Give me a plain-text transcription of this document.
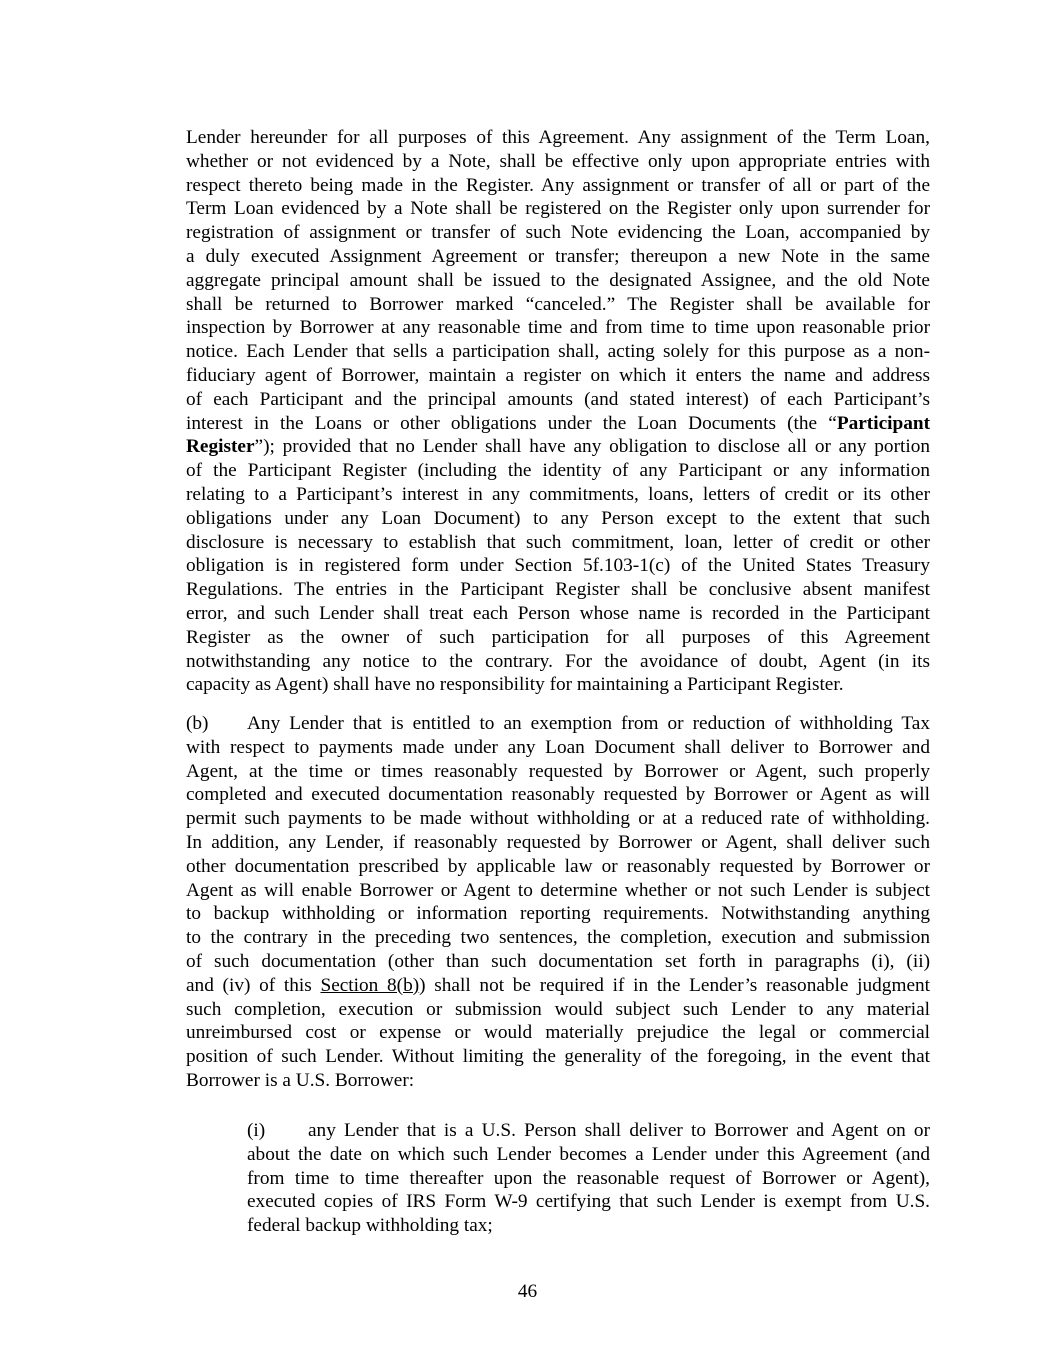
Lender hereunder for all purposes of this Agreement. Any assignment of the Term Loan,
whether or not evidenced by a Note, shall be effective only upon appropriate entries with
respect thereto being made in the Register. Any assignment or transfer of all or part of the
Term Loan evidenced by a Note shall be registered on the Register only upon surrender for
registration of assignment or transfer of such Note evidencing the Loan, accompanied by
a duly executed Assignment Agreement or transfer; thereupon a new Note in the same
aggregate principal amount shall be issued to the designated Assignee, and the old Note
shall be returned to Borrower marked “canceled.” The Register shall be available for
inspection by Borrower at any reasonable time and from time to time upon reasonable prior
notice. Each Lender that sells a participation shall, acting solely for this purpose as a non-
fiduciary agent of Borrower, maintain a register on which it enters the name and address
of each Participant and the principal amounts (and stated interest) of each Participant’s
interest in the Loans or other obligations under the Loan Documents (the “Participant
Register”); provided that no Lender shall have any obligation to disclose all or any portion
of the Participant Register (including the identity of any Participant or any information
relating to a Participant’s interest in any commitments, loans, letters of credit or its other
obligations under any Loan Document) to any Person except to the extent that such
disclosure is necessary to establish that such commitment, loan, letter of credit or other
obligation is in registered form under Section 5f.103-1(c) of the United States Treasury
Regulations. The entries in the Participant Register shall be conclusive absent manifest
error, and such Lender shall treat each Person whose name is recorded in the Participant
Register as the owner of such participation for all purposes of this Agreement
notwithstanding any notice to the contrary. For the avoidance of doubt, Agent (in its
capacity as Agent) shall have no responsibility for maintaining a Participant Register.
(b)	Any Lender that is entitled to an exemption from or reduction of withholding Tax
with respect to payments made under any Loan Document shall deliver to Borrower and
Agent, at the time or times reasonably requested by Borrower or Agent, such properly
completed and executed documentation reasonably requested by Borrower or Agent as will
permit such payments to be made without withholding or at a reduced rate of withholding.
In addition, any Lender, if reasonably requested by Borrower or Agent, shall deliver such
other documentation prescribed by applicable law or reasonably requested by Borrower or
Agent as will enable Borrower or Agent to determine whether or not such Lender is subject
to backup withholding or information reporting requirements. Notwithstanding anything
to the contrary in the preceding two sentences, the completion, execution and submission
of such documentation (other than such documentation set forth in paragraphs (i), (ii)
and (iv) of this Section 8(b)) shall not be required if in the Lender’s reasonable judgment
such completion, execution or submission would subject such Lender to any material
unreimbursed cost or expense or would materially prejudice the legal or commercial
position of such Lender. Without limiting the generality of the foregoing, in the event that
Borrower is a U.S. Borrower:
(i)	any Lender that is a U.S. Person shall deliver to Borrower and Agent on or
about the date on which such Lender becomes a Lender under this Agreement (and
from time to time thereafter upon the reasonable request of Borrower or Agent),
executed copies of IRS Form W-9 certifying that such Lender is exempt from U.S.
federal backup withholding tax;
46
